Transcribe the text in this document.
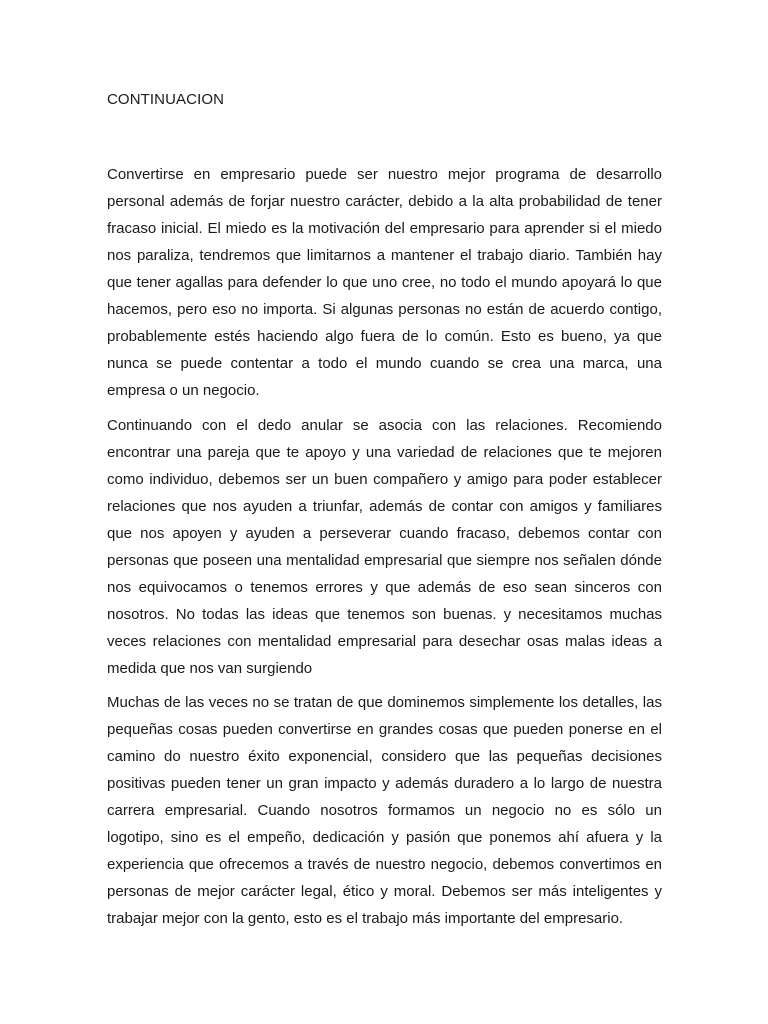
CONTINUACION

Convertirse en empresario puede ser nuestro mejor programa de desarrollo personal además de forjar nuestro carácter, debido a la alta probabilidad de tener fracaso inicial. El miedo es la motivación del empresario para aprender si el miedo nos paraliza, tendremos que limitarnos a mantener el trabajo diario. También hay que tener agallas para defender lo que uno cree, no todo el mundo apoyará lo que hacemos, pero eso no importa. Si algunas personas no están de acuerdo contigo, probablemente estés haciendo algo fuera de lo común. Esto es bueno, ya que nunca se puede contentar a todo el mundo cuando se crea una marca, una empresa o un negocio.

Continuando con el dedo anular se asocia con las relaciones. Recomiendo encontrar una pareja que te apoyo y una variedad de relaciones que te mejoren como individuo, debemos ser un buen compañero y amigo para poder establecer relaciones que nos ayuden a triunfar, además de contar con amigos y familiares que nos apoyen y ayuden a perseverar cuando fracaso, debemos contar con personas que poseen una mentalidad empresarial que siempre nos señalen dónde nos equivocamos o tenemos errores y que además de eso sean sinceros con nosotros. No todas las ideas que tenemos son buenas. y necesitamos muchas veces relaciones con mentalidad empresarial para desechar osas malas ideas a medida que nos van surgiendo

Muchas de las veces no se tratan de que dominemos simplemente los detalles, las pequeñas cosas pueden convertirse en grandes cosas que pueden ponerse en el camino do nuestro éxito exponencial, considero que las pequeñas decisiones positivas pueden tener un gran impacto y además duradero a lo largo de nuestra carrera empresarial. Cuando nosotros formamos un negocio no es sólo un logotipo, sino es el empeño, dedicación y pasión que ponemos ahí afuera y la experiencia que ofrecemos a través de nuestro negocio, debemos convertimos en personas de mejor carácter legal, ético y moral. Debemos ser más inteligentes y trabajar mejor con la gento, esto es el trabajo más importante del empresario.
